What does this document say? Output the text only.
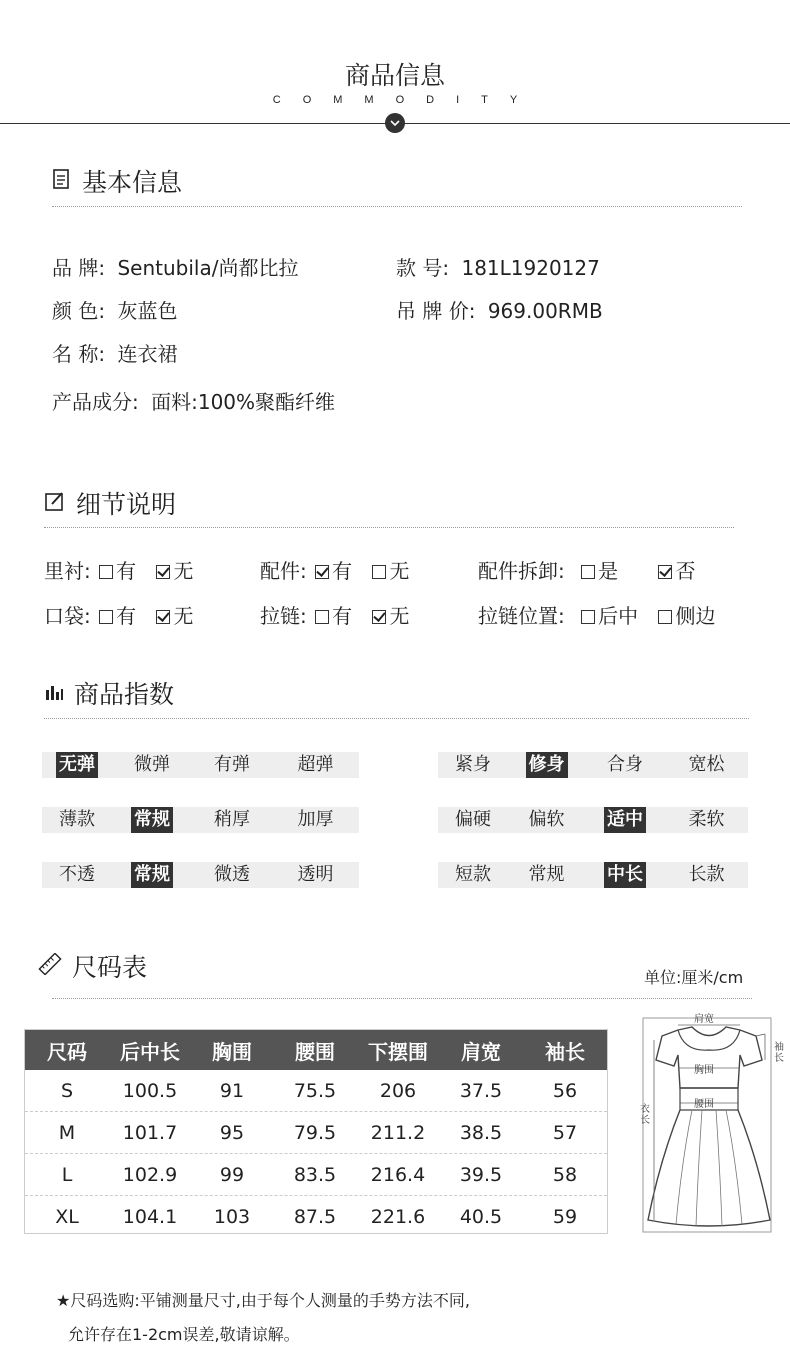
商品信息
COMMODITY
基本信息
品 牌: Sentubila/尚都比拉	款 号: 181L1920127
颜 色: 灰蓝色	吊 牌 价: 969.00RMB
名 称: 连衣裙
产品成分: 面料:100%聚酯纤维
细节说明
里衬: 有 无	配件: 有 无	配件拆卸: 是	否
口袋: 有 无	拉链: 有 无	拉链位置: 后中 侧边
商品指数
无弹 微弹 有弹	超弹	紧身 修身 合身	宽松
薄款 常规 稍厚	加厚	偏硬 偏软 适中	柔软
不透 常规 微透	透明	短款 常规 中长	长款
尺码表	单位:厘米/cm
尺码	后中长	胸围	腰围	下摆围	肩宽	袖长
S	100.5	91	75.5	206	37.5	56
M	101.7	95	79.5	211.2	38.5	57
L	102.9	99	83.5	216.4	39.5	58
XL	104.1	103	87.5	221.6	40.5	59
肩宽
胸围
腰围
袖长
衣长
★尺码选购:平铺测量尺寸,由于每个人测量的手势方法不同,
允许存在1-2cm误差,敬请谅解。
